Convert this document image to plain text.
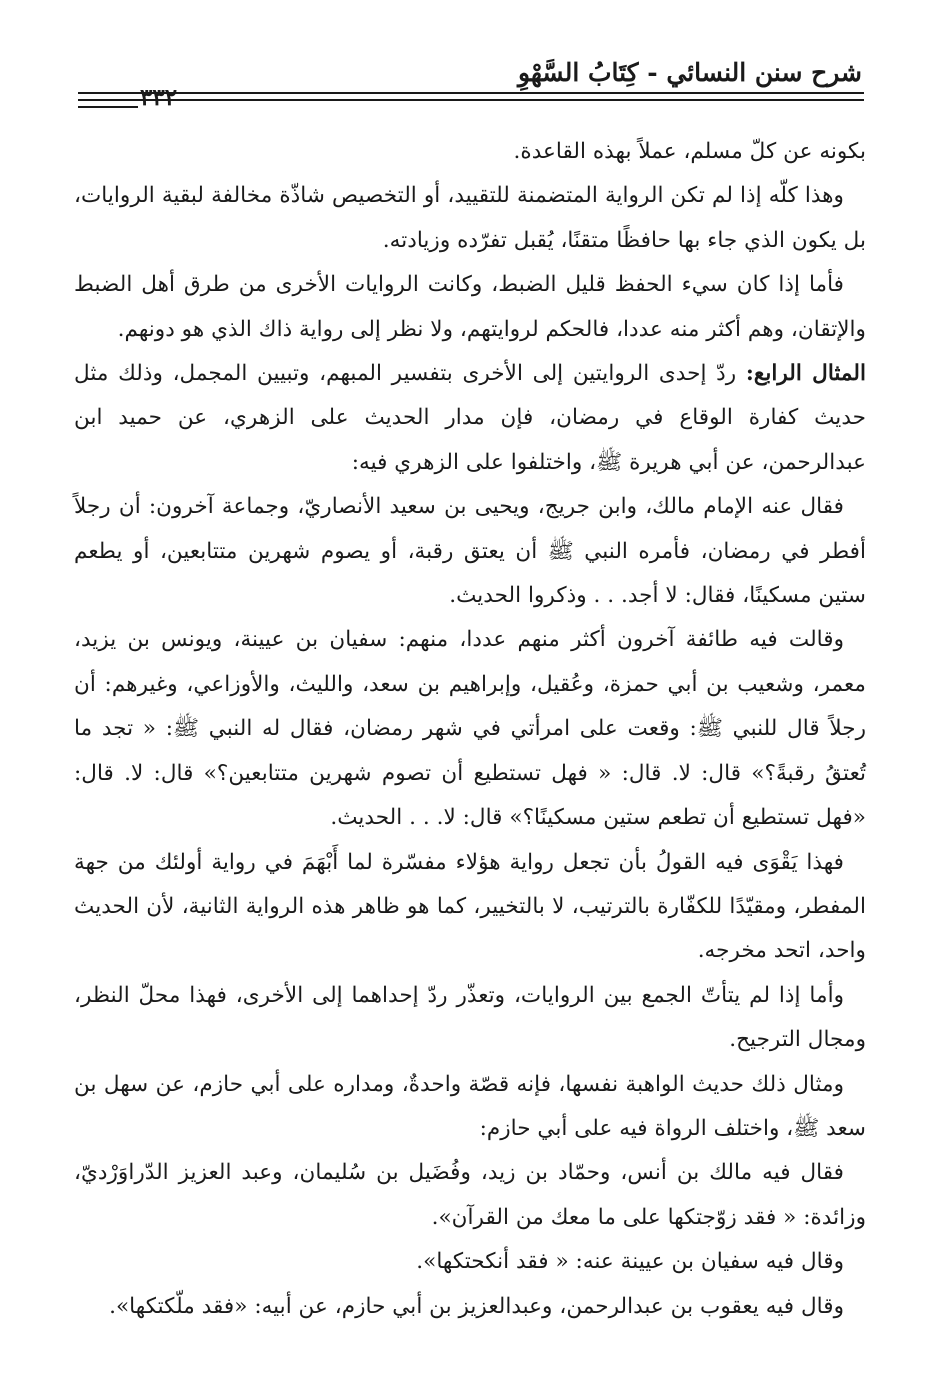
شرح سنن النسائي - كِتَابُ السَّهْوِ
٣٣٢

بكونه عن كلّ مسلم، عملاً بهذه القاعدة.

وهذا كلّه إذا لم تكن الرواية المتضمنة للتقييد، أو التخصيص شاذّة مخالفة لبقية الروايات، بل يكون الذي جاء بها حافظًا متقنًا، يُقبل تفرّده وزيادته.

فأما إذا كان سيء الحفظ قليل الضبط، وكانت الروايات الأخرى من طرق أهل الضبط والإتقان، وهم أكثر منه عددا، فالحكم لروايتهم، ولا نظر إلى رواية ذاك الذي هو دونهم.

المثال الرابع: ردّ إحدى الروايتين إلى الأخرى بتفسير المبهم، وتبيين المجمل، وذلك مثل حديث كفارة الوقاع في رمضان، فإن مدار الحديث على الزهري، عن حميد ابن عبدالرحمن، عن أبي هريرة ﷺ، واختلفوا على الزهري فيه:

فقال عنه الإمام مالك، وابن جريج، ويحيى بن سعيد الأنصاريّ، وجماعة آخرون: أن رجلاً أفطر في رمضان، فأمره النبي ﷺ أن يعتق رقبة، أو يصوم شهرين متتابعين، أو يطعم ستين مسكينًا، فقال: لا أجد. . . وذكروا الحديث.

وقالت فيه طائفة آخرون أكثر منهم عددا، منهم: سفيان بن عيينة، ويونس بن يزيد، معمر، وشعيب بن أبي حمزة، وعُقيل، وإبراهيم بن سعد، والليث، والأوزاعي، وغيرهم: أن رجلاً قال للنبي ﷺ: وقعت على امرأتي في شهر رمضان، فقال له النبي ﷺ: « تجد ما تُعتقُ رقبةً؟» قال: لا. قال: « فهل تستطيع أن تصوم شهرين متتابعين؟» قال: لا. قال: «فهل تستطيع أن تطعم ستين مسكينًا؟» قال: لا. . . الحديث.

فهذا يَقْوَى فيه القولُ بأن تجعل رواية هؤلاء مفسّرة لما أَبْهَمَ في رواية أولئك من جهة المفطر، ومقيّدًا للكفّارة بالترتيب، لا بالتخيير، كما هو ظاهر هذه الرواية الثانية، لأن الحديث واحد، اتحد مخرجه.

وأما إذا لم يتأتّ الجمع بين الروايات، وتعذّر ردّ إحداهما إلى الأخرى، فهذا محلّ النظر، ومجال الترجيح.

ومثال ذلك حديث الواهبة نفسها، فإنه قصّة واحدةٌ، ومداره على أبي حازم، عن سهل بن سعد ﷺ، واختلف الرواة فيه على أبي حازم:

فقال فيه مالك بن أنس، وحمّاد بن زيد، وفُضَيل بن سُليمان، وعبد العزيز الدّراوَرْديّ، وزائدة: « فقد زوّجتكها على ما معك من القرآن».

وقال فيه سفيان بن عيينة عنه: « فقد أنكحتكها».

وقال فيه يعقوب بن عبدالرحمن، وعبدالعزيز بن أبي حازم، عن أبيه: «فقد ملّكتكها».
